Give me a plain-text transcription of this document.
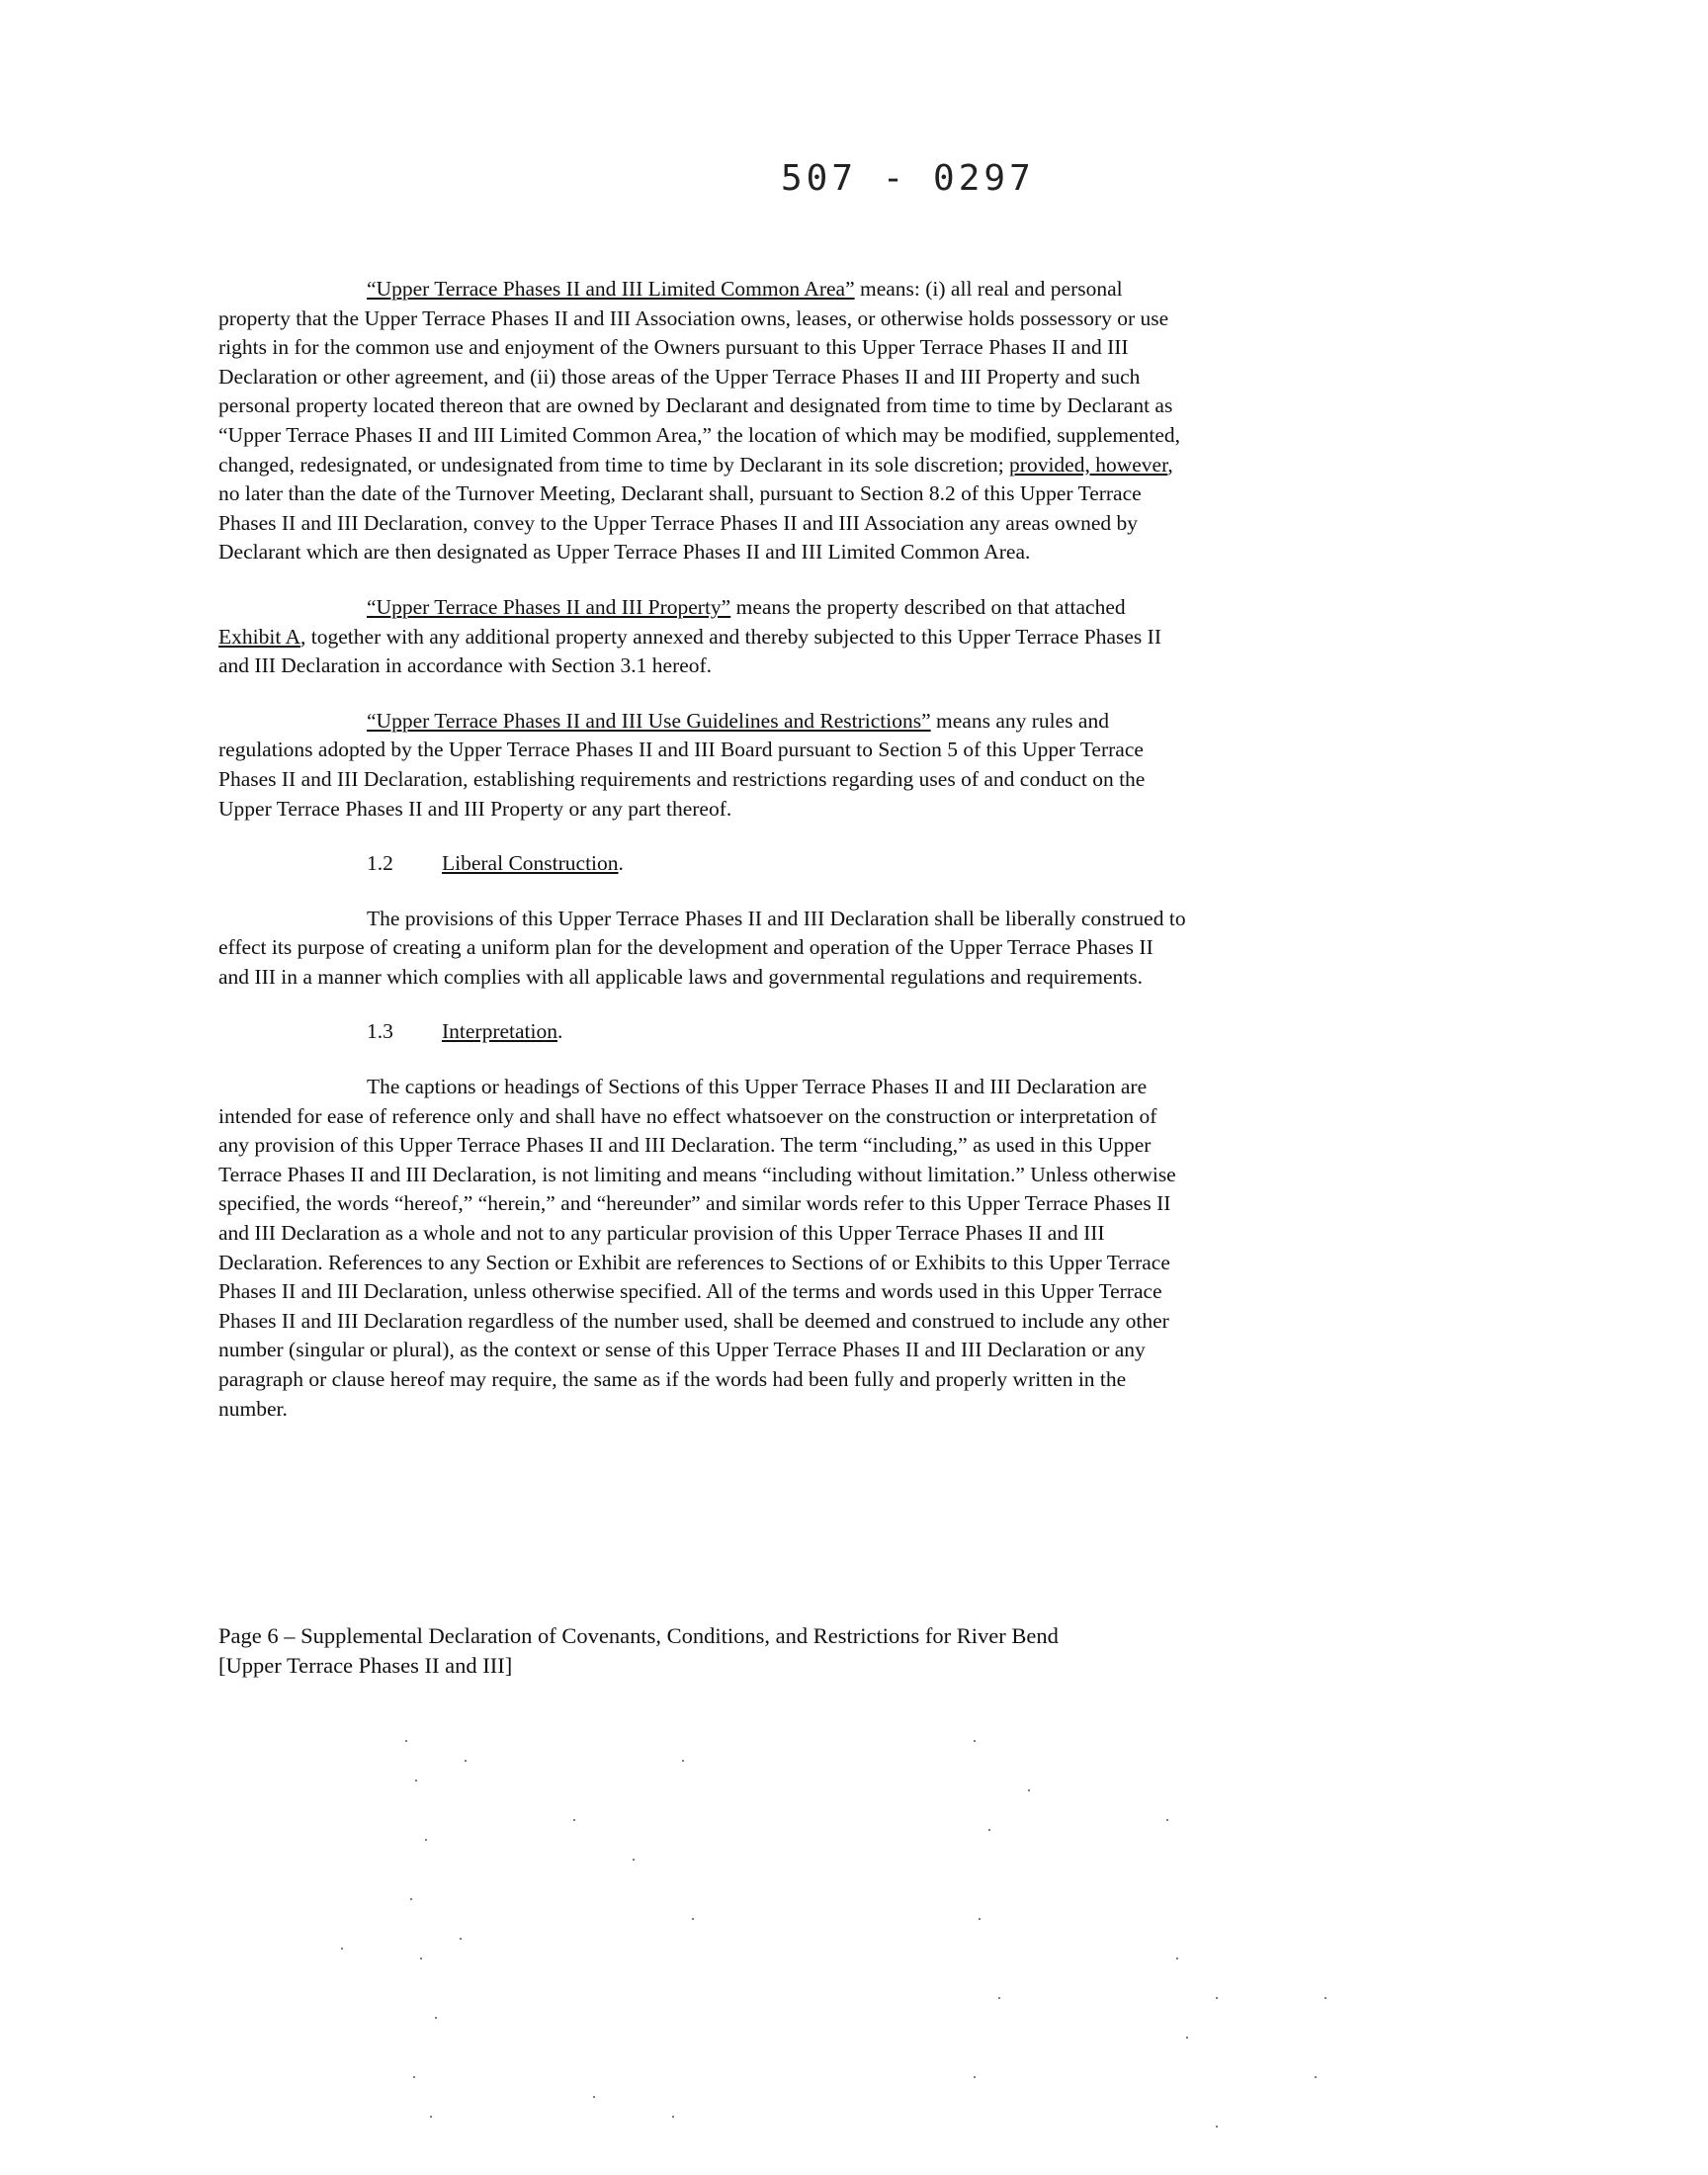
507 - 0297

“Upper Terrace Phases II and III Limited Common Area” means: (i) all real and personal property that the Upper Terrace Phases II and III Association owns, leases, or otherwise holds possessory or use rights in for the common use and enjoyment of the Owners pursuant to this Upper Terrace Phases II and III Declaration or other agreement, and (ii) those areas of the Upper Terrace Phases II and III Property and such personal property located thereon that are owned by Declarant and designated from time to time by Declarant as “Upper Terrace Phases II and III Limited Common Area,” the location of which may be modified, supplemented, changed, redesignated, or undesignated from time to time by Declarant in its sole discretion; provided, however, no later than the date of the Turnover Meeting, Declarant shall, pursuant to Section 8.2 of this Upper Terrace Phases II and III Declaration, convey to the Upper Terrace Phases II and III Association any areas owned by Declarant which are then designated as Upper Terrace Phases II and III Limited Common Area.

“Upper Terrace Phases II and III Property” means the property described on that attached Exhibit A, together with any additional property annexed and thereby subjected to this Upper Terrace Phases II and III Declaration in accordance with Section 3.1 hereof.

“Upper Terrace Phases II and III Use Guidelines and Restrictions” means any rules and regulations adopted by the Upper Terrace Phases II and III Board pursuant to Section 5 of this Upper Terrace Phases II and III Declaration, establishing requirements and restrictions regarding uses of and conduct on the Upper Terrace Phases II and III Property or any part thereof.

1.2 Liberal Construction.

The provisions of this Upper Terrace Phases II and III Declaration shall be liberally construed to effect its purpose of creating a uniform plan for the development and operation of the Upper Terrace Phases II and III in a manner which complies with all applicable laws and governmental regulations and requirements.

1.3 Interpretation.

The captions or headings of Sections of this Upper Terrace Phases II and III Declaration are intended for ease of reference only and shall have no effect whatsoever on the construction or interpretation of any provision of this Upper Terrace Phases II and III Declaration. The term “including,” as used in this Upper Terrace Phases II and III Declaration, is not limiting and means “including without limitation.” Unless otherwise specified, the words “hereof,” “herein,” and “hereunder” and similar words refer to this Upper Terrace Phases II and III Declaration as a whole and not to any particular provision of this Upper Terrace Phases II and III Declaration. References to any Section or Exhibit are references to Sections of or Exhibits to this Upper Terrace Phases II and III Declaration, unless otherwise specified. All of the terms and words used in this Upper Terrace Phases II and III Declaration regardless of the number used, shall be deemed and construed to include any other number (singular or plural), as the context or sense of this Upper Terrace Phases II and III Declaration or any paragraph or clause hereof may require, the same as if the words had been fully and properly written in the number.

Page 6 – Supplemental Declaration of Covenants, Conditions, and Restrictions for River Bend
[Upper Terrace Phases II and III]
